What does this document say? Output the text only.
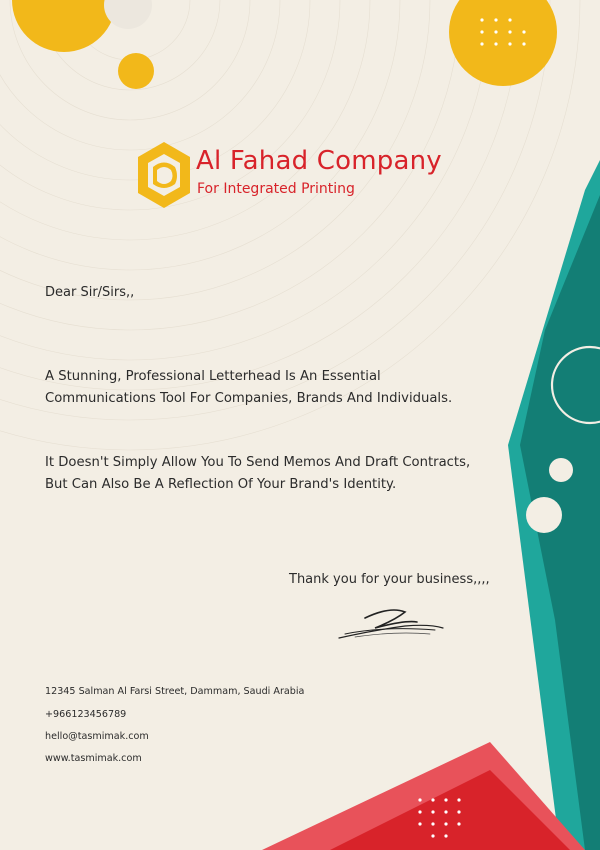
Al Fahad Company
For Integrated Printing
Dear Sir/Sirs,,
A Stunning, Professional Letterhead Is An Essential
Communications Tool For Companies, Brands And Individuals.
It Doesn't Simply Allow You To Send Memos And Draft Contracts,
But Can Also Be A Reflection Of Your Brand's Identity.
Thank you for your business,,,,
12345 Salman Al Farsi Street, Dammam, Saudi Arabia
+966123456789
hello@tasmimak.com
www.tasmimak.com
